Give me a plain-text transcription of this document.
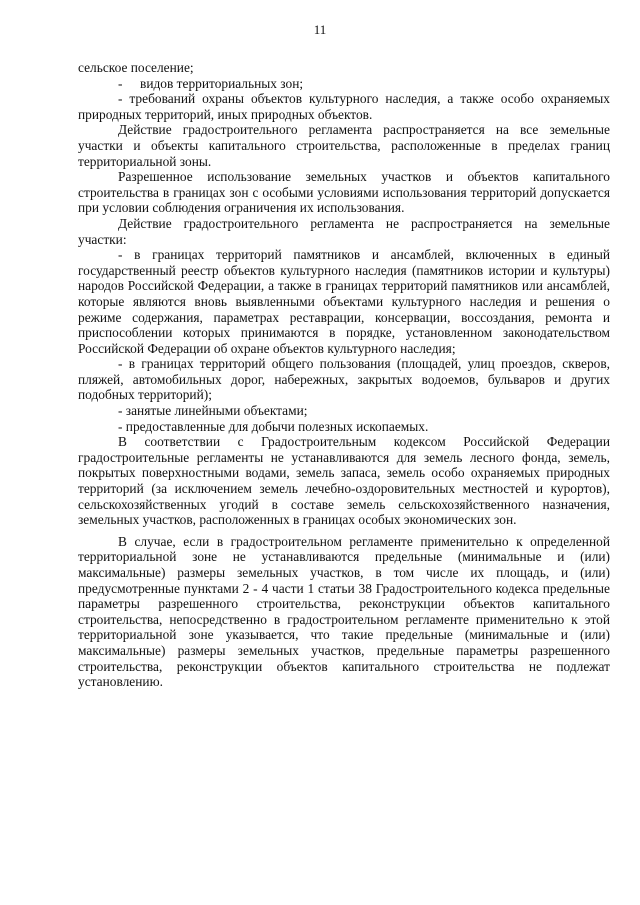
11

сельское поселение;

-	видов территориальных зон;

- требований охраны объектов культурного наследия, а также особо охраняемых природных территорий, иных природных объектов.

Действие градостроительного регламента распространяется на все земельные участки и объекты капитального строительства, расположенные в пределах границ территориальной зоны.

Разрешенное использование земельных участков и объектов капитального строительства в границах зон с особыми условиями использования территорий допускается при условии соблюдения ограничения их использования.

Действие градостроительного регламента не распространяется на земельные участки:

- в границах территорий памятников и ансамблей, включенных в единый государственный реестр объектов культурного наследия (памятников истории и культуры) народов Российской Федерации, а также в границах территорий памятников или ансамблей, которые являются вновь выявленными объектами культурного наследия и решения о режиме содержания, параметрах реставрации, консервации, воссоздания, ремонта и приспособлении которых принимаются в порядке, установленном законодательством Российской Федерации об охране объектов культурного наследия;

- в границах территорий общего пользования (площадей, улиц проездов, скверов, пляжей, автомобильных дорог, набережных, закрытых водоемов, бульваров и других подобных территорий);

- занятые линейными объектами;

- предоставленные для добычи полезных ископаемых.

В соответствии с Градостроительным кодексом Российской Федерации градостроительные регламенты не устанавливаются для земель лесного фонда, земель, покрытых поверхностными водами, земель запаса, земель особо охраняемых природных территорий (за исключением земель лечебно-оздоровительных местностей и курортов), сельскохозяйственных угодий в составе земель сельскохозяйственного назначения, земельных участков, расположенных в границах особых экономических зон.

В случае, если в градостроительном регламенте применительно к определенной территориальной зоне не устанавливаются предельные (минимальные и (или) максимальные) размеры земельных участков, в том числе их площадь, и (или) предусмотренные пунктами 2 - 4 части 1 статьи 38 Градостроительного кодекса предельные параметры разрешенного строительства, реконструкции объектов капитального строительства, непосредственно в градостроительном регламенте применительно к этой территориальной зоне указывается, что такие предельные (минимальные и (или) максимальные) размеры земельных участков, предельные параметры разрешенного строительства, реконструкции объектов капитального строительства не подлежат установлению.
